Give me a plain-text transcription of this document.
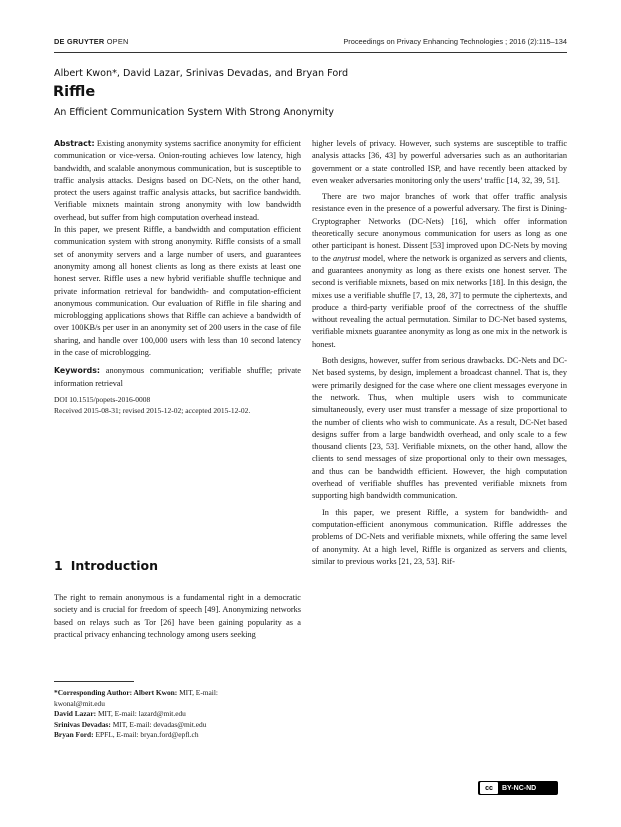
DE GRUYTER OPEN	Proceedings on Privacy Enhancing Technologies ; 2016 (2):115–134
Albert Kwon*, David Lazar, Srinivas Devadas, and Bryan Ford
Riffle
An Efficient Communication System With Strong Anonymity

Abstract: Existing anonymity systems sacrifice anonymity for efficient communication or vice-versa. Onion-routing achieves low latency, high bandwidth, and scalable anonymous communication, but is susceptible to traffic analysis attacks. Designs based on DC-Nets, on the other hand, protect the users against traffic analysis attacks, but sacrifice bandwidth. Verifiable mixnets maintain strong anonymity with low bandwidth overhead, but suffer from high computation overhead instead.

In this paper, we present Riffle, a bandwidth and computation efficient communication system with strong anonymity. Riffle consists of a small set of anonymity servers and a large number of users, and guarantees anonymity among all honest clients as long as there exists at least one honest server. Riffle uses a new hybrid verifiable shuffle technique and private information retrieval for bandwidth- and computation-efficient anonymous communication. Our evaluation of Riffle in file sharing and microblogging applications shows that Riffle can achieve a bandwidth of over 100KB/s per user in an anonymity set of 200 users in the case of file sharing, and handle over 100,000 users with less than 10 second latency in the case of microblogging.

Keywords: anonymous communication; verifiable shuffle; private information retrieval

DOI 10.1515/popets-2016-0008

Received 2015-08-31; revised 2015-12-02; accepted 2015-12-02.

1 Introduction

The right to remain anonymous is a fundamental right in a democratic society and is crucial for freedom of speech [49]. Anonymizing networks based on relays such as Tor [26] have been gaining popularity as a practical privacy enhancing technology among users seeking

*Corresponding Author: Albert Kwon: MIT, E-mail:
kwonal@mit.edu
David Lazar: MIT, E-mail: lazard@mit.edu
Srinivas Devadas: MIT, E-mail: devadas@mit.edu
Bryan Ford: EPFL, E-mail: bryan.ford@epfl.ch

higher levels of privacy. However, such systems are susceptible to traffic analysis attacks [36, 43] by powerful adversaries such as an authoritarian government or a state controlled ISP, and have recently been attacked by even weaker adversaries monitoring only the users’ traffic [14, 32, 39, 51].

There are two major branches of work that offer traffic analysis resistance even in the presence of a powerful adversary. The first is Dining-Cryptographer Networks (DC-Nets) [16], which offer information theoretically secure anonymous communication for users as long as one other participant is honest. Dissent [53] improved upon DC-Nets by moving to the anytrust model, where the network is organized as servers and clients, and guarantees anonymity as long as there exists one honest server. The second is verifiable mixnets, based on mix networks [18]. In this design, the mixes use a verifiable shuffle [7, 13, 28, 37] to permute the ciphertexts, and produce a third-party verifiable proof of the correctness of the shuffle without revealing the actual permutation. Similar to DC-Net based systems, verifiable mixnets guarantee anonymity as long as one mix in the network is honest.

Both designs, however, suffer from serious drawbacks. DC-Nets and DC-Net based systems, by design, implement a broadcast channel. That is, they were primarily designed for the case where one client messages everyone in the network. Thus, when multiple users wish to communicate simultaneously, every user must transfer a message of size proportional to the number of clients who wish to communicate. As a result, DC-Net based designs suffer from a large bandwidth overhead, and only scale to a few thousand clients [23, 53]. Verifiable mixnets, on the other hand, allow the clients to send messages of size proportional only to their own messages, and thus can be bandwidth efficient. However, the high computation overhead of verifiable shuffles has prevented verifiable mixnets from supporting high bandwidth communication.

In this paper, we present Riffle, a system for bandwidth- and computation-efficient anonymous communication. Riffle addresses the problems of DC-Nets and verifiable mixnets, while offering the same level of anonymity. At a high level, Riffle is organized as servers and clients, similar to previous works [21, 23, 53]. Rif-

cc	BY-NC-ND
